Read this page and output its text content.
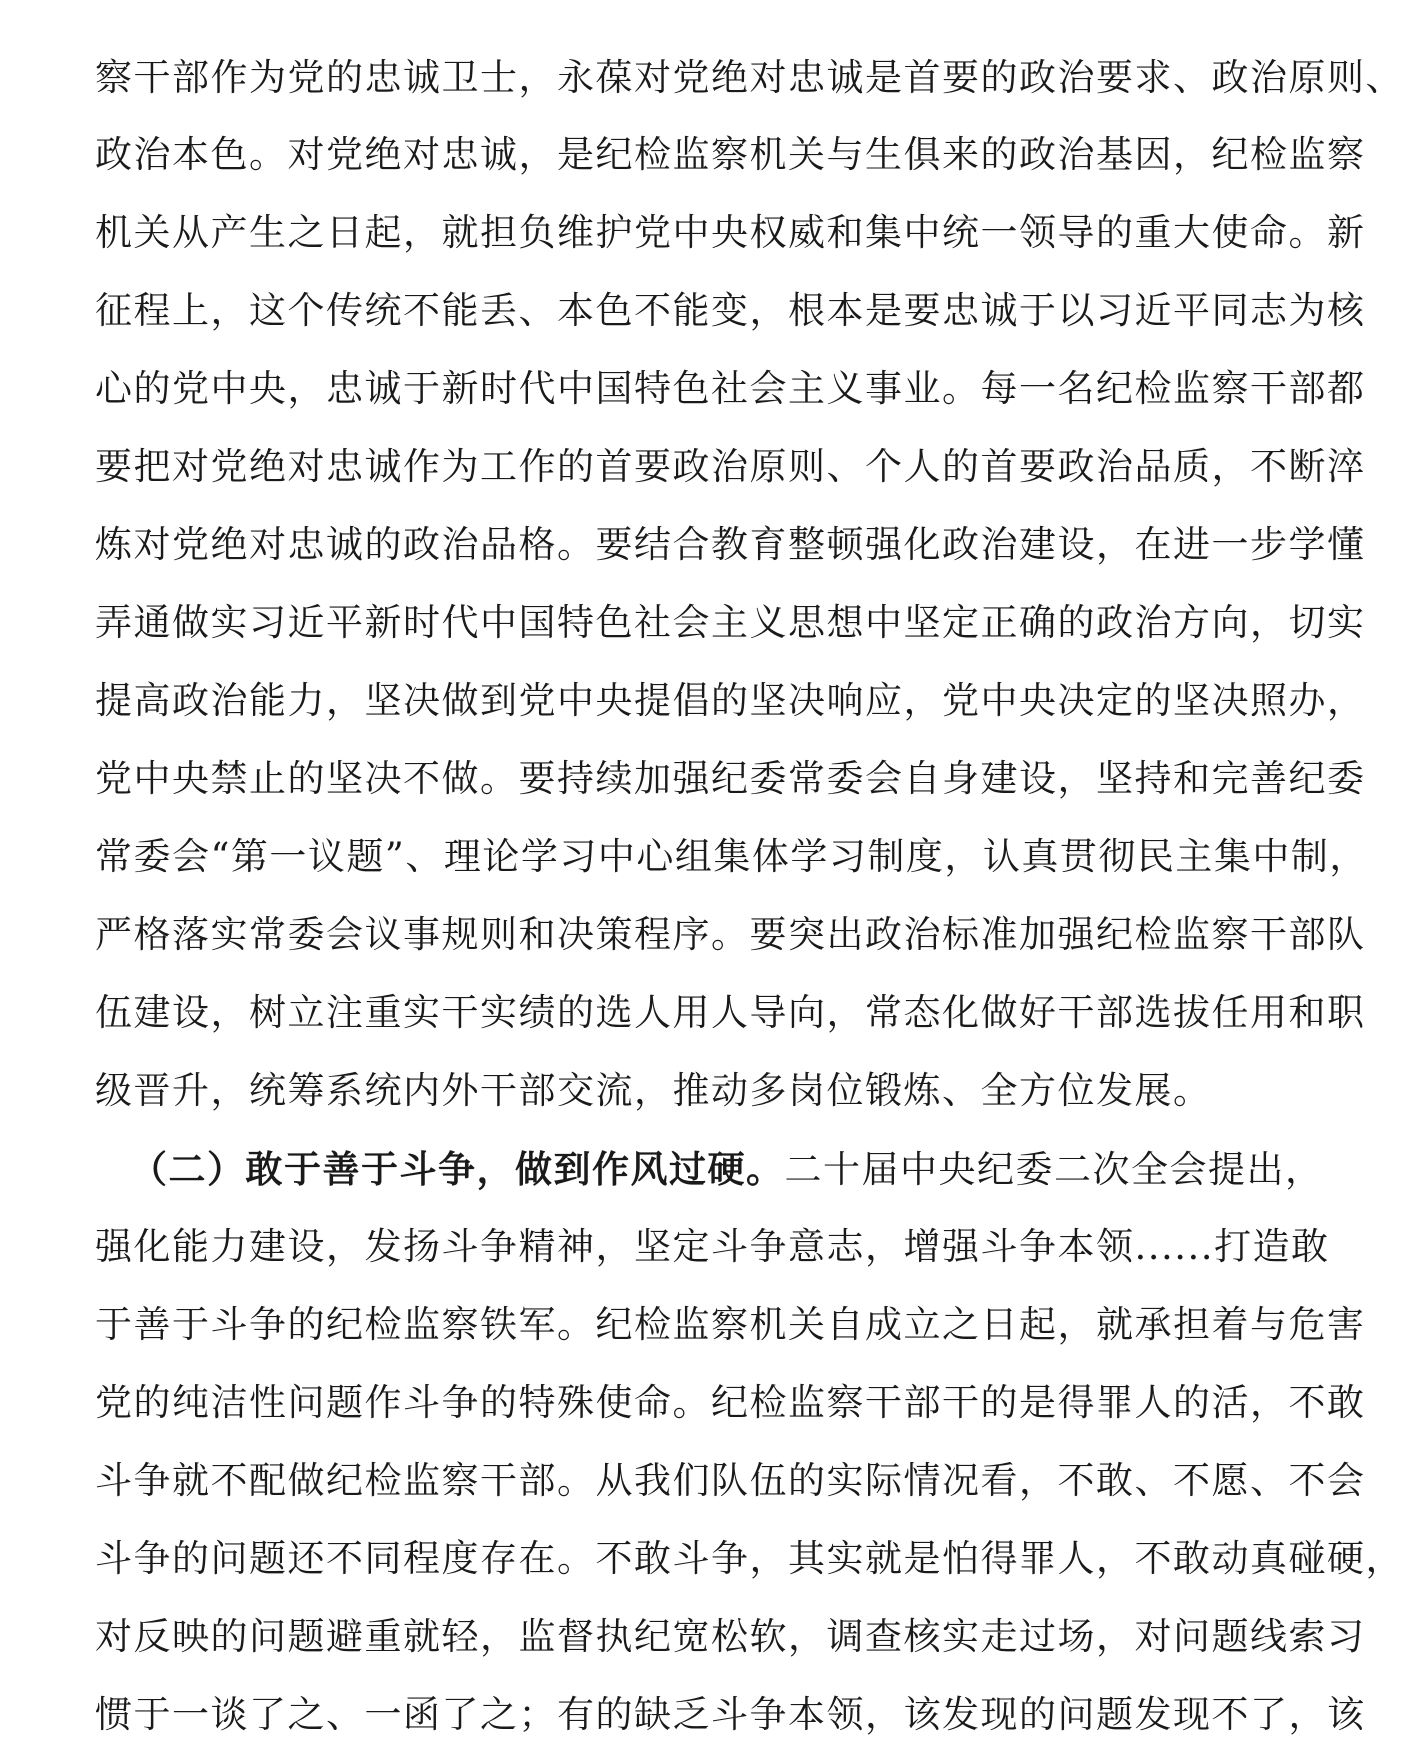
察干部作为党的忠诚卫士，永葆对党绝对忠诚是首要的政治要求、政治原则、
政治本色。对党绝对忠诚，是纪检监察机关与生俱来的政治基因，纪检监察
机关从产生之日起，就担负维护党中央权威和集中统一领导的重大使命。新
征程上，这个传统不能丢、本色不能变，根本是要忠诚于以习近平同志为核
心的党中央，忠诚于新时代中国特色社会主义事业。每一名纪检监察干部都
要把对党绝对忠诚作为工作的首要政治原则、个人的首要政治品质，不断淬
炼对党绝对忠诚的政治品格。要结合教育整顿强化政治建设，在进一步学懂
弄通做实习近平新时代中国特色社会主义思想中坚定正确的政治方向，切实
提高政治能力，坚决做到党中央提倡的坚决响应，党中央决定的坚决照办，
党中央禁止的坚决不做。要持续加强纪委常委会自身建设，坚持和完善纪委
常委会“第一议题”、理论学习中心组集体学习制度，认真贯彻民主集中制，
严格落实常委会议事规则和决策程序。要突出政治标准加强纪检监察干部队
伍建设，树立注重实干实绩的选人用人导向，常态化做好干部选拔任用和职
级晋升，统筹系统内外干部交流，推动多岗位锻炼、全方位发展。
（二）敢于善于斗争，做到作风过硬。二十届中央纪委二次全会提出，
强化能力建设，发扬斗争精神，坚定斗争意志，增强斗争本领......打造敢
于善于斗争的纪检监察铁军。纪检监察机关自成立之日起，就承担着与危害
党的纯洁性问题作斗争的特殊使命。纪检监察干部干的是得罪人的活，不敢
斗争就不配做纪检监察干部。从我们队伍的实际情况看，不敢、不愿、不会
斗争的问题还不同程度存在。不敢斗争，其实就是怕得罪人，不敢动真碰硬，
对反映的问题避重就轻，监督执纪宽松软，调查核实走过场，对问题线索习
惯于一谈了之、一函了之；有的缺乏斗争本领，该发现的问题发现不了，该
